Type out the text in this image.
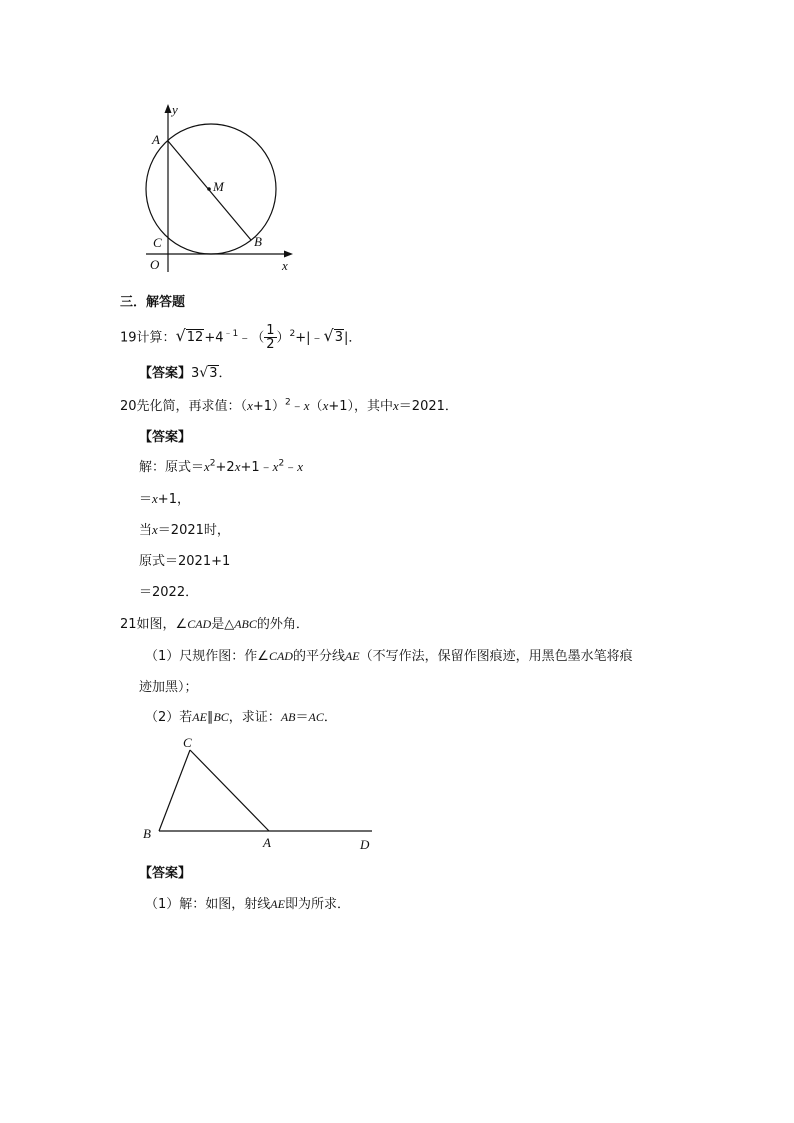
y
x
A
M
C	B
O
三．解答题
19计算：$√12+4^{﹣1}﹣( \frac{1}{2}$ ）$^2$+|﹣√3|．
【答案】3√3．
20先化简，再求值：$(x+1)^2﹣x(x+1)$，其中x＝2021．
【答案】
解：原式$=x^2+2x+1﹣x^2﹣x$
＝x+1，
当x＝2021时，
原式＝2021+1
＝2022．
21如图，∠CAD是△ABC的外角．
（1）尺规作图：作∠CAD的平分线AE（不写作法，保留作图痕迹，用黑色墨水笔将痕
迹加黑）；
（2）若AE∥BC，求证：AB＝AC．
C
B
A	D
【答案】
（1）解：如图，射线AE即为所求．
